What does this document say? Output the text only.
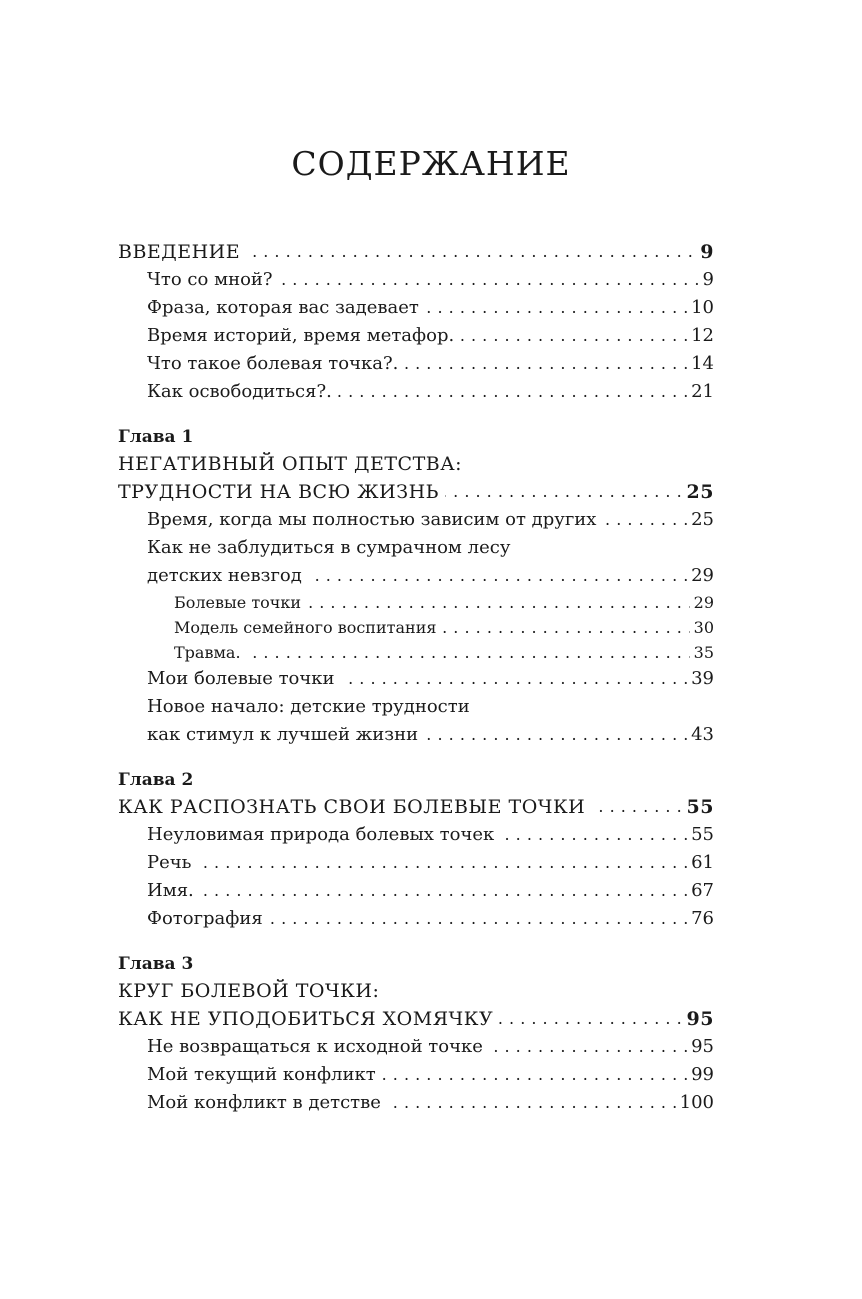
СОДЕРЖАНИЕ
. . . ВВЕДЕНИЕ	9
. . . Что со мной?	9
. . . Фраза, которая вас задевает	10
. . . Время историй, время метафор.	12
. . . Что такое болевая точка?.	14
. . . Как освободиться?.	21
Глава 1
НЕГАТИВНЫЙ ОПЫТ ДЕТСТВА:
. . . ТРУДНОСТИ НА ВСЮ ЖИЗНЬ	25
. . . Время, когда мы полностью зависим от других	25
Как не заблудиться в сумрачном лесу
. . . детских невзгод	29
. . . Болевые точки	29
. . . Модель семейного воспитания	30
. . . Травма.	35
. . . Мои болевые точки	39
Новое начало: детские трудности
. . . как стимул к лучшей жизни	43
Глава 2
. . . КАК РАСПОЗНАТЬ СВОИ БОЛЕВЫЕ ТОЧКИ	55
. . . Неуловимая природа болевых точек	55
. . . Речь	61
. . . Имя.	67
. . . Фотография	76
Глава 3
КРУГ БОЛЕВОЙ ТОЧКИ:
. . . КАК НЕ УПОДОБИТЬСЯ ХОМЯЧКУ	95
. . . Не возвращаться к исходной точке	95
. . . Мой текущий конфликт	99
. . . Мой конфликт в детстве	100
